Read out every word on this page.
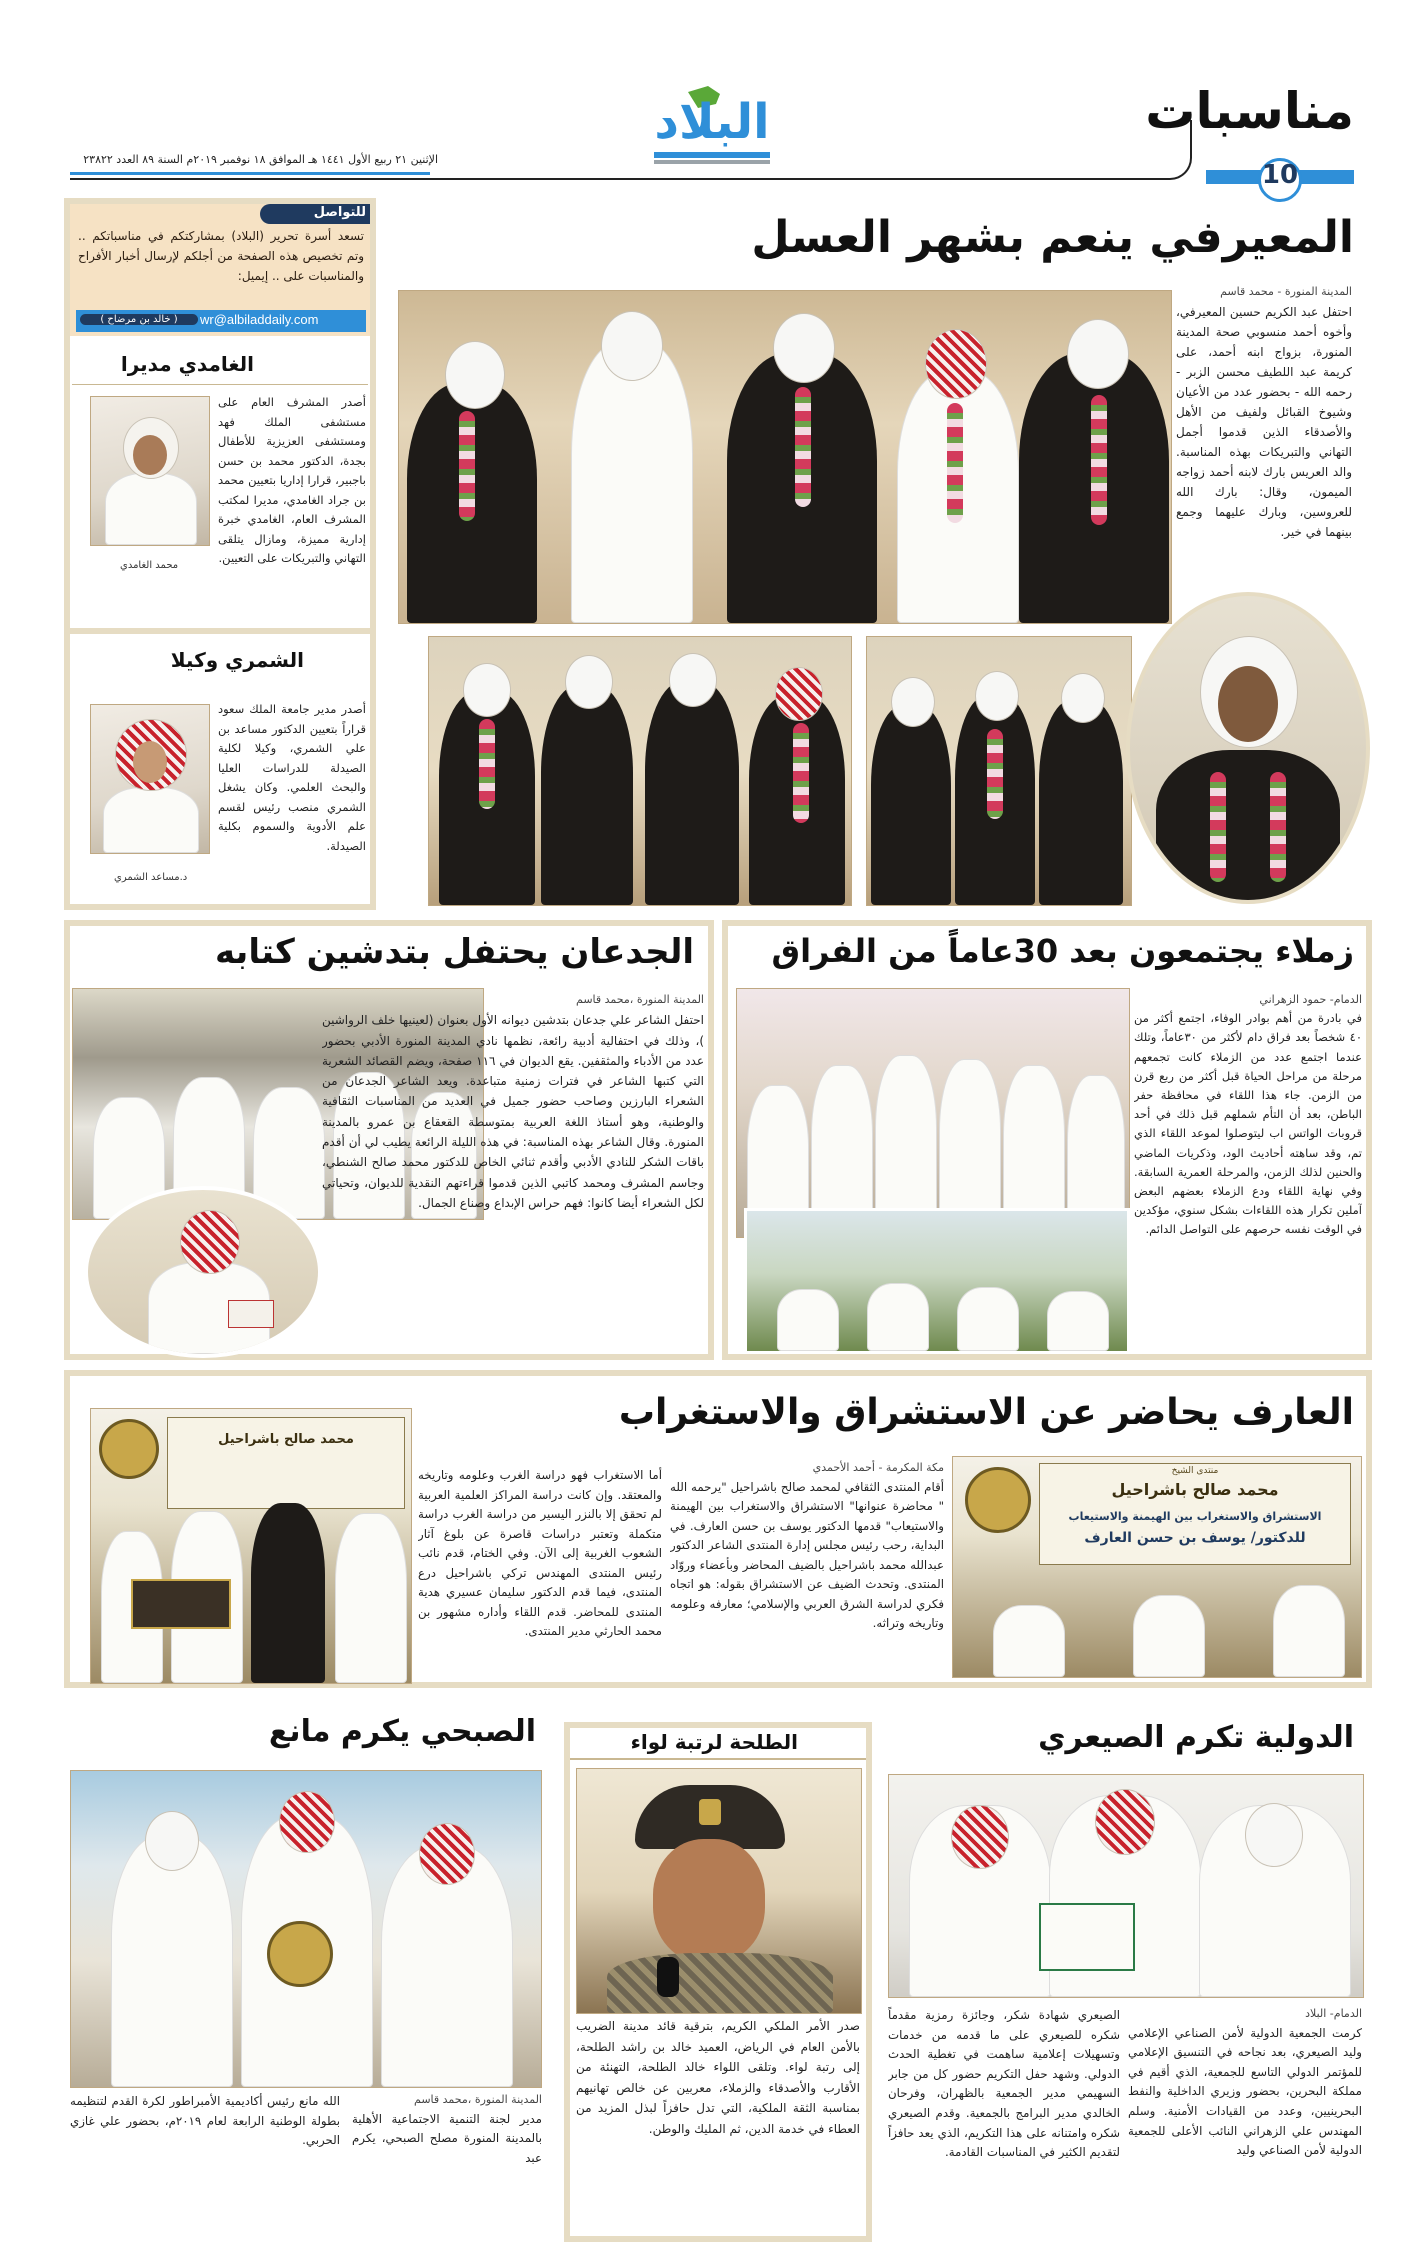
مناسبات
10
البلاد
الإثنين ٢١ ربيع الأول ١٤٤١ هـ الموافق ١٨ نوفمبر ٢٠١٩م السنة ٨٩ العدد ٢٣٨٢٢
للتواصل
تسعد أسرة تحرير (البلاد) بمشاركتكم في مناسباتكم .. وتم تخصيص هذه الصفحة من أجلكم لإرسال أخبار الأفراح والمناسبات على .. إيميل:
wr@albiladdaily.com
( خالد بن مرضاح )
الغامدي مديرا
محمد الغامدي
أصدر المشرف العام على مستشفى الملك فهد ومستشفى العزيزية للأطفال بجدة، الدكتور محمد بن حسن باجبير، قرارا إداريا بتعيين محمد بن جراد الغامدي، مديرا لمكتب المشرف العام، الغامدي خبرة إدارية مميزة، ومازال يتلقى التهاني والتبريكات على التعيين.
الشمري وكيلا
د.مساعد الشمري
أصدر مدير جامعة الملك سعود قراراً بتعيين الدكتور مساعد بن علي الشمري، وكيلا لكلية الصيدلة للدراسات العليا والبحث العلمي. وكان يشغل الشمري منصب رئيس لقسم علم الأدوية والسموم بكلية الصيدلة.
المعيرفي ينعم بشهر العسل
المدينة المنورة - محمد قاسم
احتفل عبد الكريم حسين المعيرفي، وأخوه أحمد منسوبي صحة المدينة المنورة، بزواج ابنه أحمد، على كريمة عبد اللطيف محسن الزبر - رحمه الله - بحضور عدد من الأعيان وشيوخ القبائل ولفيف من الأهل والأصدقاء الذين قدموا أجمل التهاني والتبريكات بهذه المناسبة. والد العريس بارك لابنه أحمد زواجه الميمون، وقال: بارك الله للعروسين، وبارك عليهما وجمع بينهما في خير.
الجدعان يحتفل بتدشين كتابه
المدينة المنورة ،محمد قاسم
احتفل الشاعر علي جدعان بتدشين ديوانه الأول بعنوان (لعينيها خلف الرواشين )، وذلك في احتفالية أدبية رائعة، نظمها نادي المدينة المنورة الأدبي بحضور عدد من الأدباء والمثقفين. يقع الديوان في ١١٦ صفحة، ويضم القصائد الشعرية التي كتبها الشاعر في فترات زمنية متباعدة. ويعد الشاعر الجدعان من الشعراء البارزين وصاحب حضور جميل في العديد من المناسبات الثقافية والوطنية، وهو أستاذ اللغة العربية بمتوسطة القعقاع بن عمرو بالمدينة المنورة. وقال الشاعر بهذه المناسبة: في هذه الليلة الرائعة يطيب لي أن أقدم باقات الشكر للنادي الأدبي وأقدم ثنائي الخاص للدكتور محمد صالح الشنطي، وجاسم المشرف ومحمد كاتبي الذين قدموا قراءتهم النقدية للديوان، وتحياتي لكل الشعراء أيضا كانوا: فهم حراس الإبداع وصناع الجمال.
زملاء يجتمعون بعد 30عاماً من الفراق
الدمام- حمود الزهراني
في بادرة من أهم بوادر الوفاء، اجتمع أكثر من ٤٠ شخصاً بعد فراق دام لأكثر من ٣٠عاماً، وتلك عندما اجتمع عدد من الزملاء كانت تجمعهم مرحلة من مراحل الحياة قبل أكثر من ربع قرن من الزمن. جاء هذا اللقاء في محافظة حفر الباطن، بعد أن التأم شملهم قبل ذلك في أحد قروبات الواتس اب ليتوصلوا لموعد اللقاء الذي تم، وقد ساهته أحاديث الود، وذكريات الماضي والحنين لذلك الزمن، والمرحلة العمرية السابقة. وفي نهاية اللقاء ودع الزملاء بعضهم البعض آملين تكرار هذه اللقاءات بشكل سنوي، مؤكدين في الوقت نفسه حرصهم على التواصل الدائم.
العارف يحاضر عن الاستشراق والاستغراب
منتدى الشيخ
محمد صالح باشراحيل
الاستشراق والاستغراب بين الهيمنة والاستيعاب
للدكتور/ يوسف بن حسن العارف
مكة المكرمة - أحمد الأحمدي
أقام المنتدى الثقافي لمحمد صالح باشراحيل "يرحمه الله " محاضرة عنوانها" الاستشراق والاستغراب بين الهيمنة والاستيعاب" قدمها الدكتور يوسف بن حسن العارف. في البداية، رحب رئيس مجلس إدارة المنتدى الشاعر الدكتور عبدالله محمد باشراحيل بالضيف المحاضر وبأعضاء وروّاد المنتدى. وتحدث الضيف عن الاستشراق بقوله: هو اتجاه فكري لدراسة الشرق العربي والإسلامي؛ معارفه وعلومه وتاريخه وتراثه.
أما الاستغراب فهو دراسة الغرب وعلومه وتاريخه والمعتقد. وإن كانت دراسة المراكز العلمية العربية لم تحقق إلا بالنزر اليسير من دراسة الغرب دراسة متكملة وتعتبر دراسات قاصرة عن بلوغ آثار الشعوب الغربية إلى الآن. وفي الختام، قدم نائب رئيس المنتدى المهندس تركي باشراحيل درع المنتدى، فيما قدم الدكتور سليمان عسيري هدية المنتدى للمحاضر. قدم اللقاء وأداره مشهور بن محمد الحارثي مدير المنتدى.
محمد صالح باشراحيل
الدولية تكرم الصيعري
الدمام- البلاد
كرمت الجمعية الدولية لأمن الصناعي الإعلامي وليد الصيعري، بعد نجاحه في التنسيق الإعلامي للمؤتمر الدولي التاسع للجمعية، الذي أقيم في مملكة البحرين، بحضور وزيري الداخلية والنفط البحرينيين، وعدد من القيادات الأمنية. وسلم المهندس علي الزهراني النائب الأعلى للجمعية الدولية لأمن الصناعي وليد
الصيعري شهادة شكر، وجائزة رمزية مقدماً شكره للصيعري على ما قدمه من خدمات وتسهيلات إعلامية ساهمت في تغطية الحدث الدولي. وشهد حفل التكريم حضور كل من جابر السهيمي مدير الجمعية بالظهران، وفرحان الخالدي مدير البرامج بالجمعية. وقدم الصيعري شكره وامتنانه على هذا التكريم، الذي يعد حافزاً لتقديم الكثير في المناسبات القادمة.
الطلحة لرتبة لواء
صدر الأمر الملكي الكريم، بترقية قائد مدينة الضريب بالأمن العام في الرياض، العميد خالد بن راشد الطلحة، إلى رتبة لواء. وتلقى اللواء خالد الطلحة، التهنئة من الأقارب والأصدقاء والزملاء، معربين عن خالص تهانيهم بمناسبة الثقة الملكية، التي تدل حافزاً لبذل المزيد من العطاء في خدمة الدين، ثم المليك والوطن.
الصبحي يكرم مانع
المدينة المنورة ،محمد قاسم
مدير لجنة التنمية الاجتماعية الأهلية بالمدينة المنورة مصلح الصبحي، يكرم عبد
الله مانع رئيس أكاديمية الأمبراطور لكرة القدم لتنظيمه بطولة الوطنية الرابعة لعام ٢٠١٩م، بحضور علي غازي الحربي.
